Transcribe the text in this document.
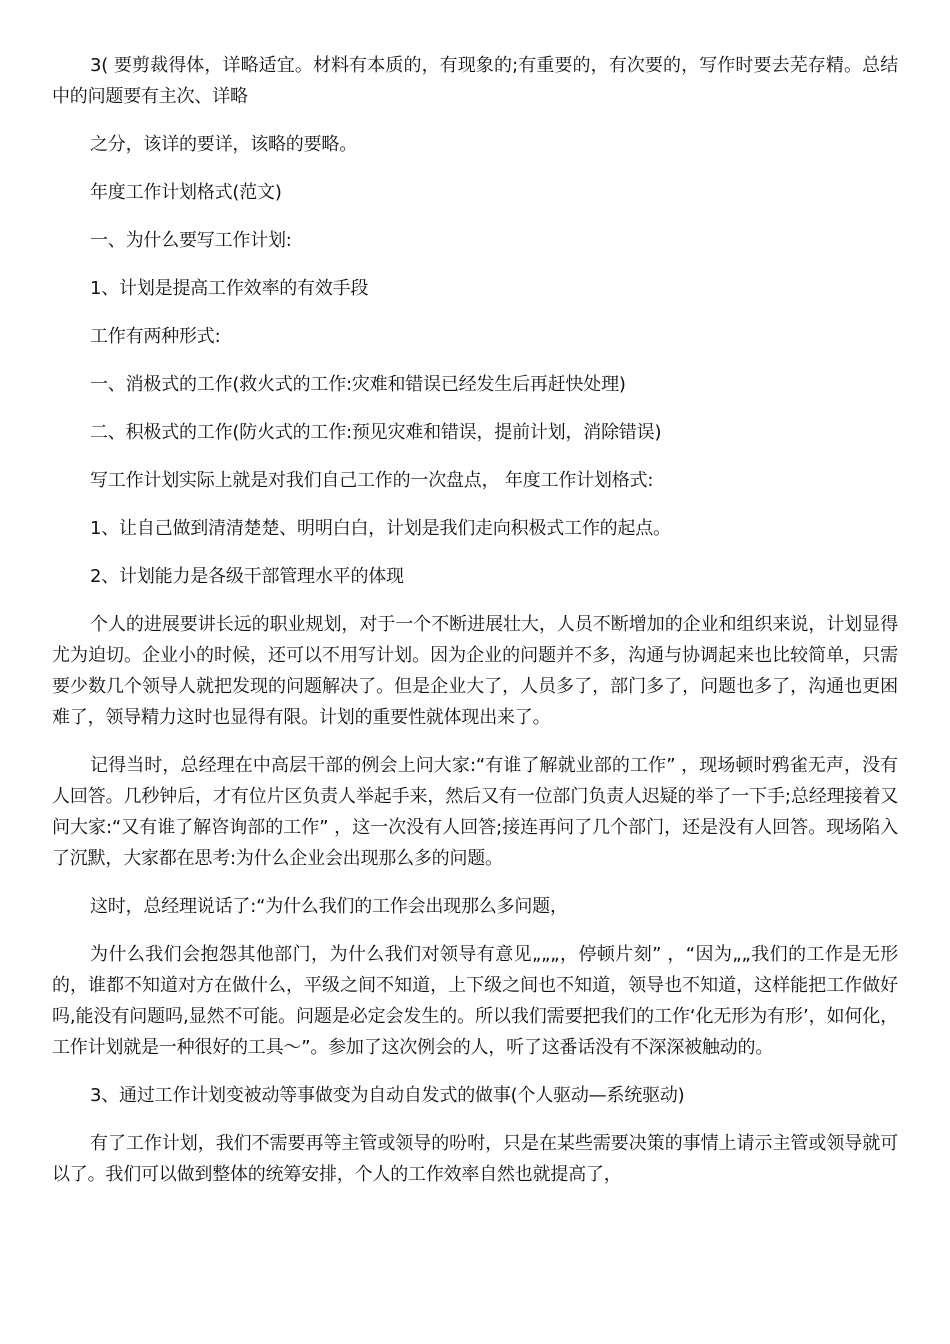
3( 要剪裁得体，详略适宜。材料有本质的，有现象的;有重要的，有次要的，写作时要去芜存精。总结中的问题要有主次、详略

之分，该详的要详，该略的要略。

年度工作计划格式(范文)

一、为什么要写工作计划:

1、计划是提高工作效率的有效手段

工作有两种形式:

一、消极式的工作(救火式的工作:灾难和错误已经发生后再赶快处理)

二、积极式的工作(防火式的工作:预见灾难和错误，提前计划，消除错误)

写工作计划实际上就是对我们自己工作的一次盘点， 年度工作计划格式:

1、让自己做到清清楚楚、明明白白，计划是我们走向积极式工作的起点。

2、计划能力是各级干部管理水平的体现

个人的进展要讲长远的职业规划，对于一个不断进展壮大，人员不断增加的企业和组织来说，计划显得尤为迫切。企业小的时候，还可以不用写计划。因为企业的问题并不多，沟通与协调起来也比较简单，只需要少数几个领导人就把发现的问题解决了。但是企业大了，人员多了，部门多了，问题也多了，沟通也更困难了，领导精力这时也显得有限。计划的重要性就体现出来了。

记得当时，总经理在中高层干部的例会上问大家:“有谁了解就业部的工作” ，现场顿时鸦雀无声，没有人回答。几秒钟后，才有位片区负责人举起手来，然后又有一位部门负责人迟疑的举了一下手;总经理接着又问大家:“又有谁了解咨询部的工作” ，这一次没有人回答;接连再问了几个部门，还是没有人回答。现场陷入了沉默，大家都在思考:为什么企业会出现那么多的问题。

这时，总经理说话了:“为什么我们的工作会出现那么多问题，

为什么我们会抱怨其他部门，为什么我们对领导有意见„„„，停顿片刻” ，“因为„„我们的工作是无形的，谁都不知道对方在做什么，平级之间不知道，上下级之间也不知道，领导也不知道，这样能把工作做好吗,能没有问题吗,显然不可能。问题是必定会发生的。所以我们需要把我们的工作‘化无形为有形’，如何化，工作计划就是一种很好的工具～”。参加了这次例会的人，听了这番话没有不深深被触动的。

3、通过工作计划变被动等事做变为自动自发式的做事(个人驱动—系统驱动)

有了工作计划，我们不需要再等主管或领导的吩咐，只是在某些需要决策的事情上请示主管或领导就可以了。我们可以做到整体的统筹安排，个人的工作效率自然也就提高了，
